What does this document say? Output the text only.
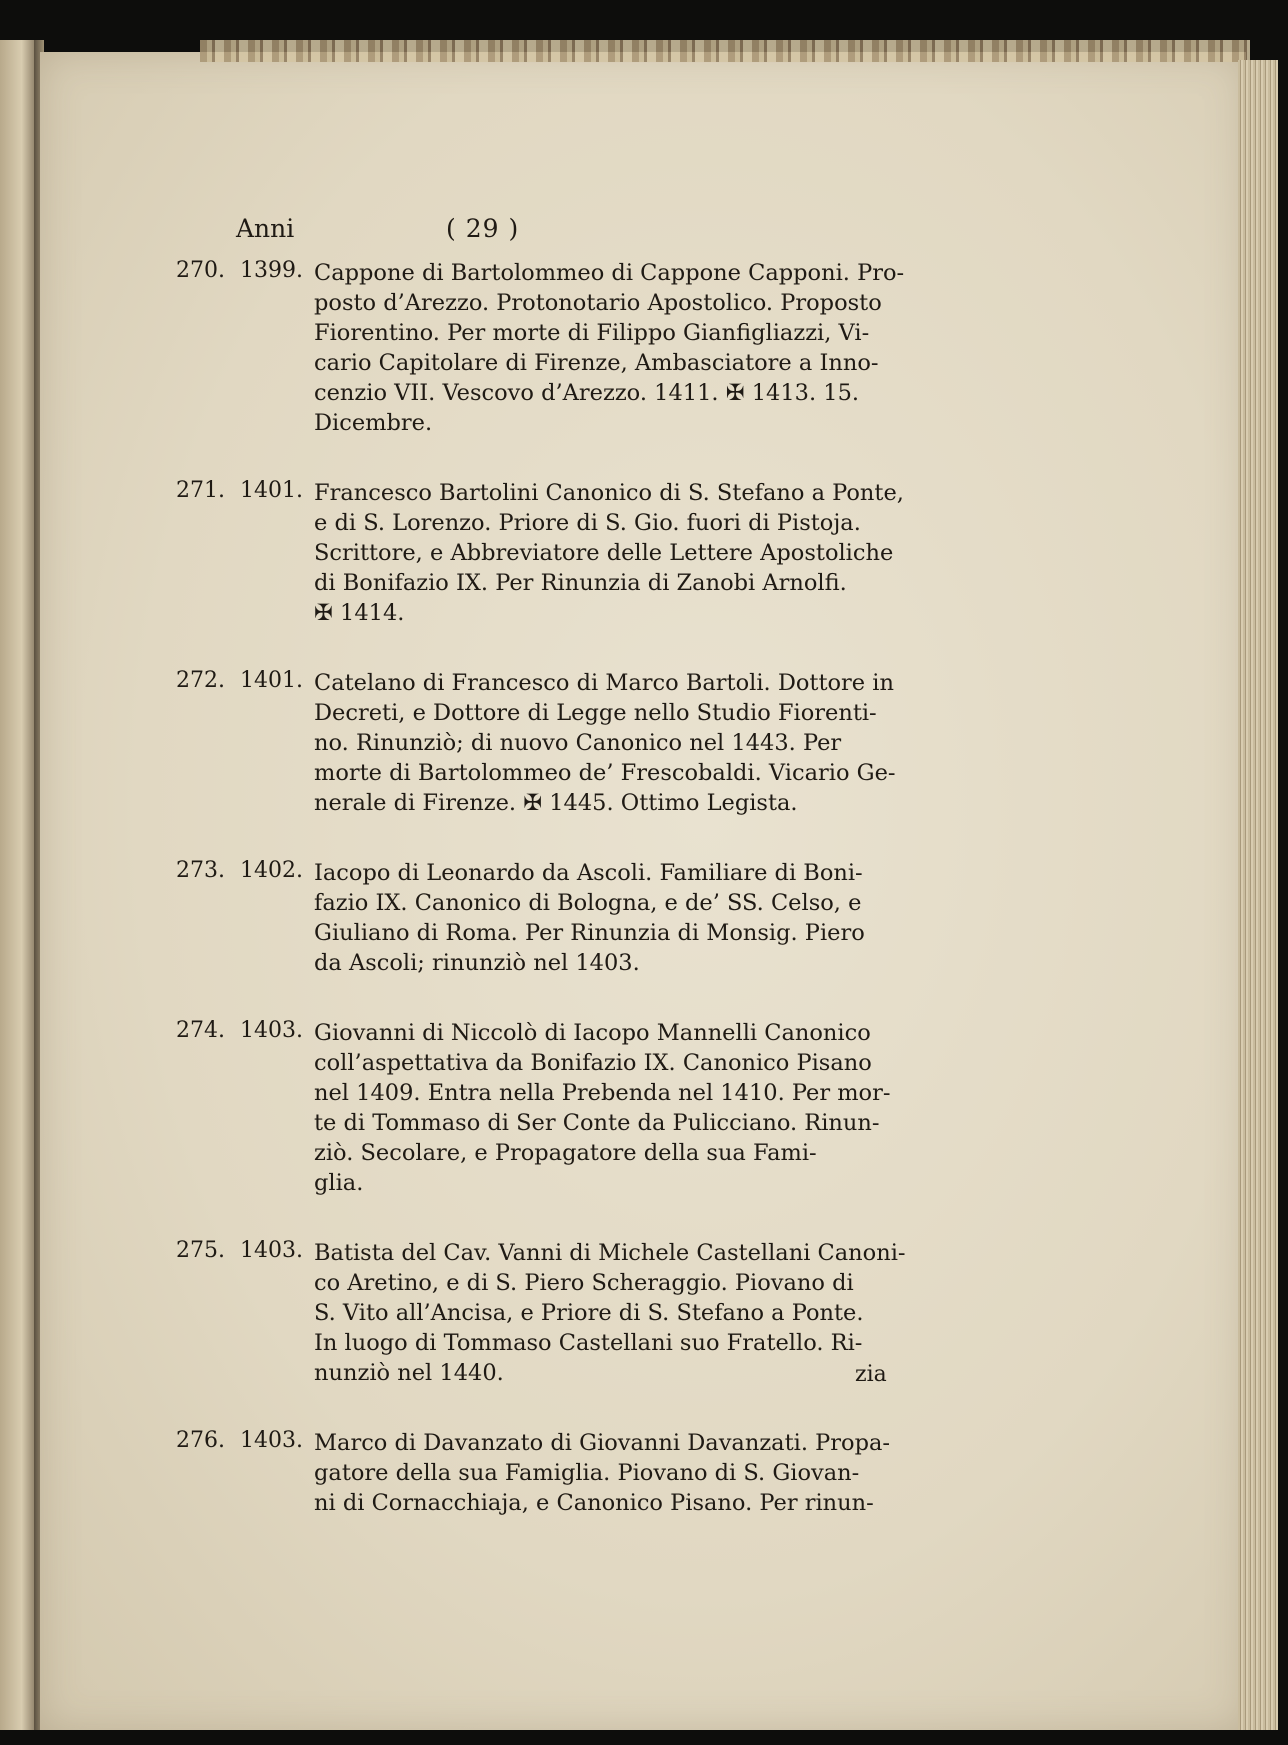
Anni	( 29 )
270. 1399. Cappone di Bartolommeo di Cappone Capponi. Pro-
posto d’Arezzo. Protonotario Apostolico. Proposto
Fiorentino. Per morte di Filippo Gianfigliazzi, Vi-
cario Capitolare di Firenze, Ambasciatore a Inno-
cenzio VII. Vescovo d’Arezzo. 1411. ✠ 1413. 15.
Dicembre.
271. 1401. Francesco Bartolini Canonico di S. Stefano a Ponte,
e di S. Lorenzo. Priore di S. Gio. fuori di Pistoja.
Scrittore, e Abbreviatore delle Lettere Apostoliche
di Bonifazio IX. Per Rinunzia di Zanobi Arnolfi.
✠ 1414.
272. 1401. Catelano di Francesco di Marco Bartoli. Dottore in
Decreti, e Dottore di Legge nello Studio Fiorenti-
no. Rinunziò; di nuovo Canonico nel 1443. Per
morte di Bartolommeo de’ Frescobaldi. Vicario Ge-
nerale di Firenze. ✠ 1445. Ottimo Legista.
273. 1402. Iacopo di Leonardo da Ascoli. Familiare di Boni-
fazio IX. Canonico di Bologna, e de’ SS. Celso, e
Giuliano di Roma. Per Rinunzia di Monsig. Piero
da Ascoli; rinunziò nel 1403.
274. 1403. Giovanni di Niccolò di Iacopo Mannelli Canonico
coll’aspettativa da Bonifazio IX. Canonico Pisano
nel 1409. Entra nella Prebenda nel 1410. Per mor-
te di Tommaso di Ser Conte da Pulicciano. Rinun-
ziò. Secolare, e Propagatore della sua Fami-
glia.
275. 1403. Batista del Cav. Vanni di Michele Castellani Canoni-
co Aretino, e di S. Piero Scheraggio. Piovano di
S. Vito all’Ancisa, e Priore di S. Stefano a Ponte.
In luogo di Tommaso Castellani suo Fratello. Ri-
nunziò nel 1440.
276. 1403. Marco di Davanzato di Giovanni Davanzati. Propa-
gatore della sua Famiglia. Piovano di S. Giovan-
ni di Cornacchiaja, e Canonico Pisano. Per rinun-
zia
